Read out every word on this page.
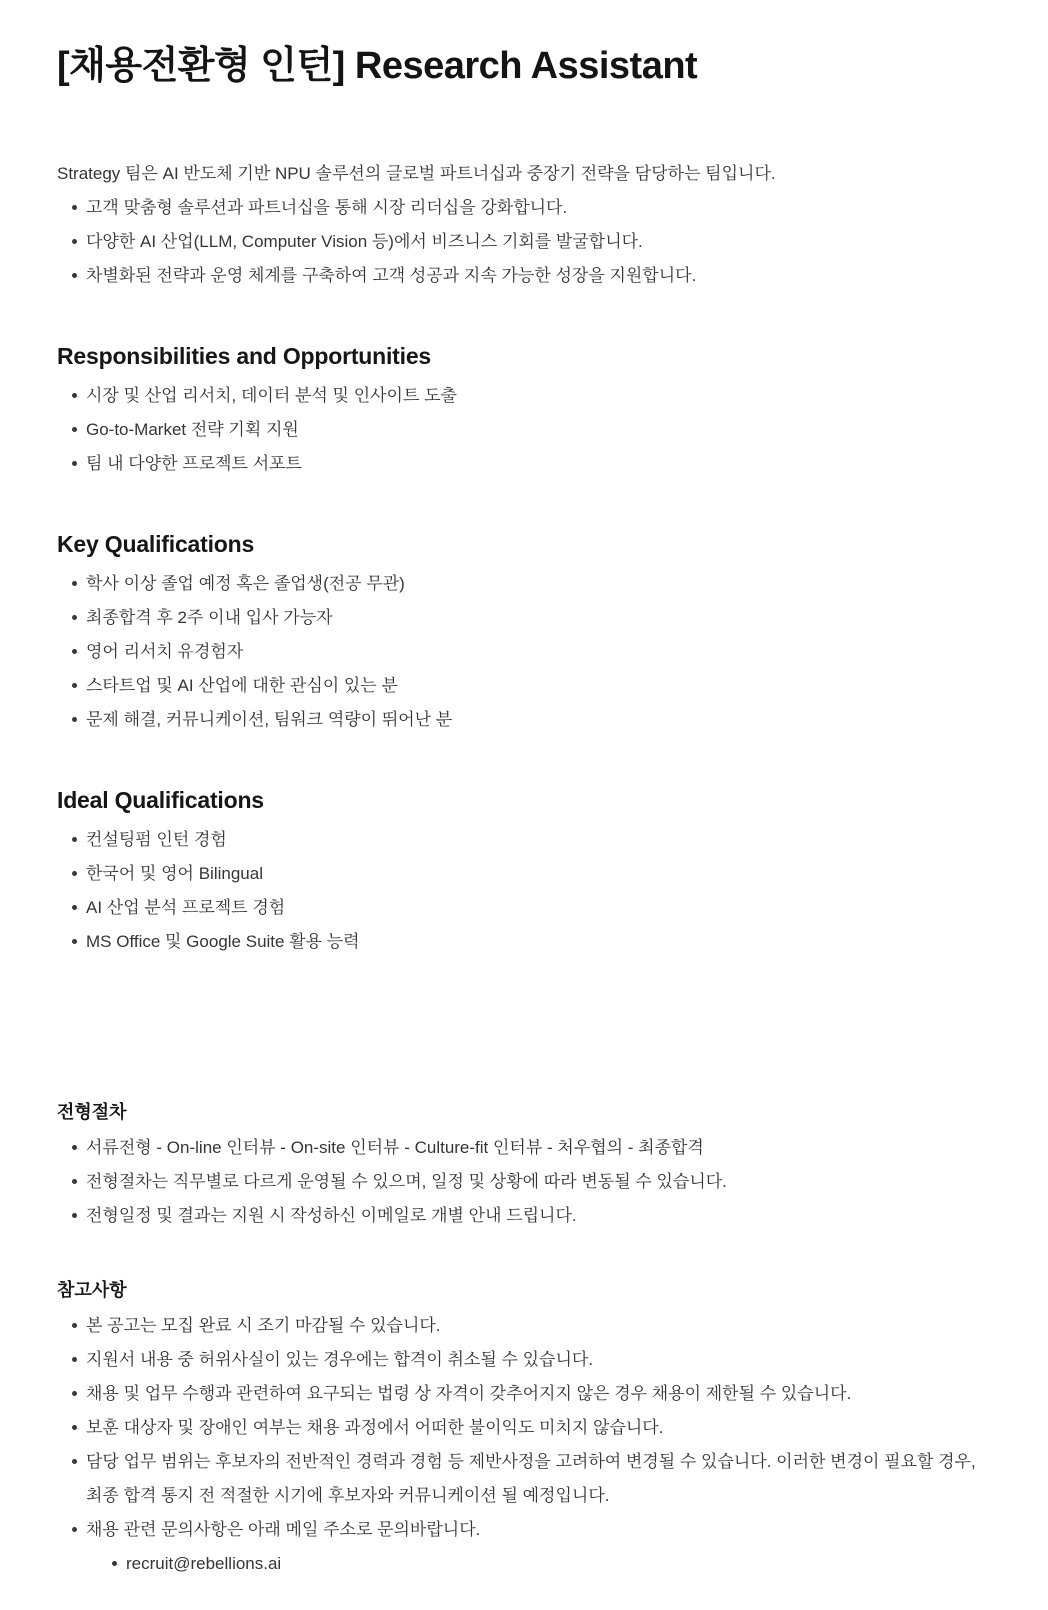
[채용전환형 인턴] Research Assistant

Strategy 팀은 AI 반도체 기반 NPU 솔루션의 글로벌 파트너십과 중장기 전략을 담당하는 팀입니다.

고객 맞춤형 솔루션과 파트너십을 통해 시장 리더십을 강화합니다.
다양한 AI 산업(LLM, Computer Vision 등)에서 비즈니스 기회를 발굴합니다.
차별화된 전략과 운영 체계를 구축하여 고객 성공과 지속 가능한 성장을 지원합니다.
Responsibilities and Opportunities
시장 및 산업 리서치, 데이터 분석 및 인사이트 도출
Go-to-Market 전략 기획 지원
팀 내 다양한 프로젝트 서포트
Key Qualifications
학사 이상 졸업 예정 혹은 졸업생(전공 무관)
최종합격 후 2주 이내 입사 가능자
영어 리서치 유경험자
스타트업 및 AI 산업에 대한 관심이 있는 분
문제 해결, 커뮤니케이션, 팀워크 역량이 뛰어난 분
Ideal Qualifications
컨설팅펌 인턴 경험
한국어 및 영어 Bilingual
AI 산업 분석 프로젝트 경험
MS Office 및 Google Suite 활용 능력
전형절차
서류전형 - On-line 인터뷰 - On-site 인터뷰 - Culture-fit 인터뷰 - 처우협의 - 최종합격
전형절차는 직무별로 다르게 운영될 수 있으며, 일정 및 상황에 따라 변동될 수 있습니다.
전형일정 및 결과는 지원 시 작성하신 이메일로 개별 안내 드립니다.
참고사항
본 공고는 모집 완료 시 조기 마감될 수 있습니다.
지원서 내용 중 허위사실이 있는 경우에는 합격이 취소될 수 있습니다.
채용 및 업무 수행과 관련하여 요구되는 법령 상 자격이 갖추어지지 않은 경우 채용이 제한될 수 있습니다.
보훈 대상자 및 장애인 여부는 채용 과정에서 어떠한 불이익도 미치지 않습니다.
담당 업무 범위는 후보자의 전반적인 경력과 경험 등 제반사정을 고려하여 변경될 수 있습니다. 이러한 변경이 필요할 경우, 최종 합격 통지 전 적절한 시기에 후보자와 커뮤니케이션 될 예정입니다.
채용 관련 문의사항은 아래 메일 주소로 문의바랍니다.
recruit@rebellions.ai
